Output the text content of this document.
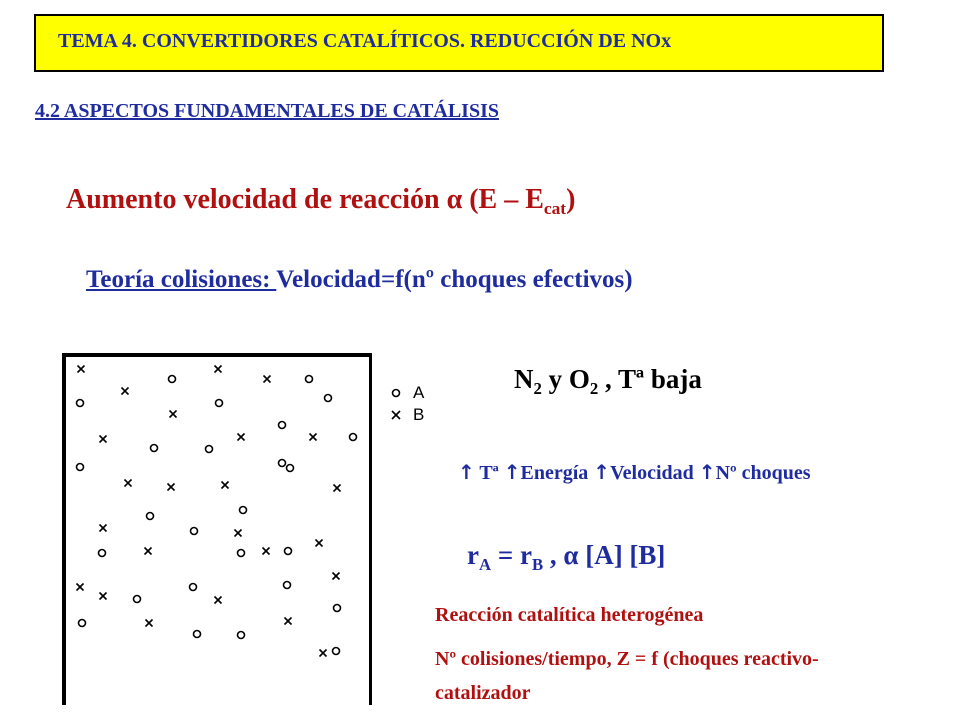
TEMA 4. CONVERTIDORES CATALÍTICOS. REDUCCIÓN DE NOx
4.2 ASPECTOS FUNDAMENTALES DE CATÁLISIS
Aumento velocidad de reacción α $(E - E_{cat})$
Teoría colisiones: Velocidad=f(nº choques efectivos)
A
B
$N_2$ y $O_2$ , Tª baja
↑ Tª ↑Energía ↑Velocidad ↑Nº choques
$r_A = r_B$ , α [A] [B]
Reacción catalítica heterogénea
Nº colisiones/tiempo, Z = f (choques reactivo-
catalizador
